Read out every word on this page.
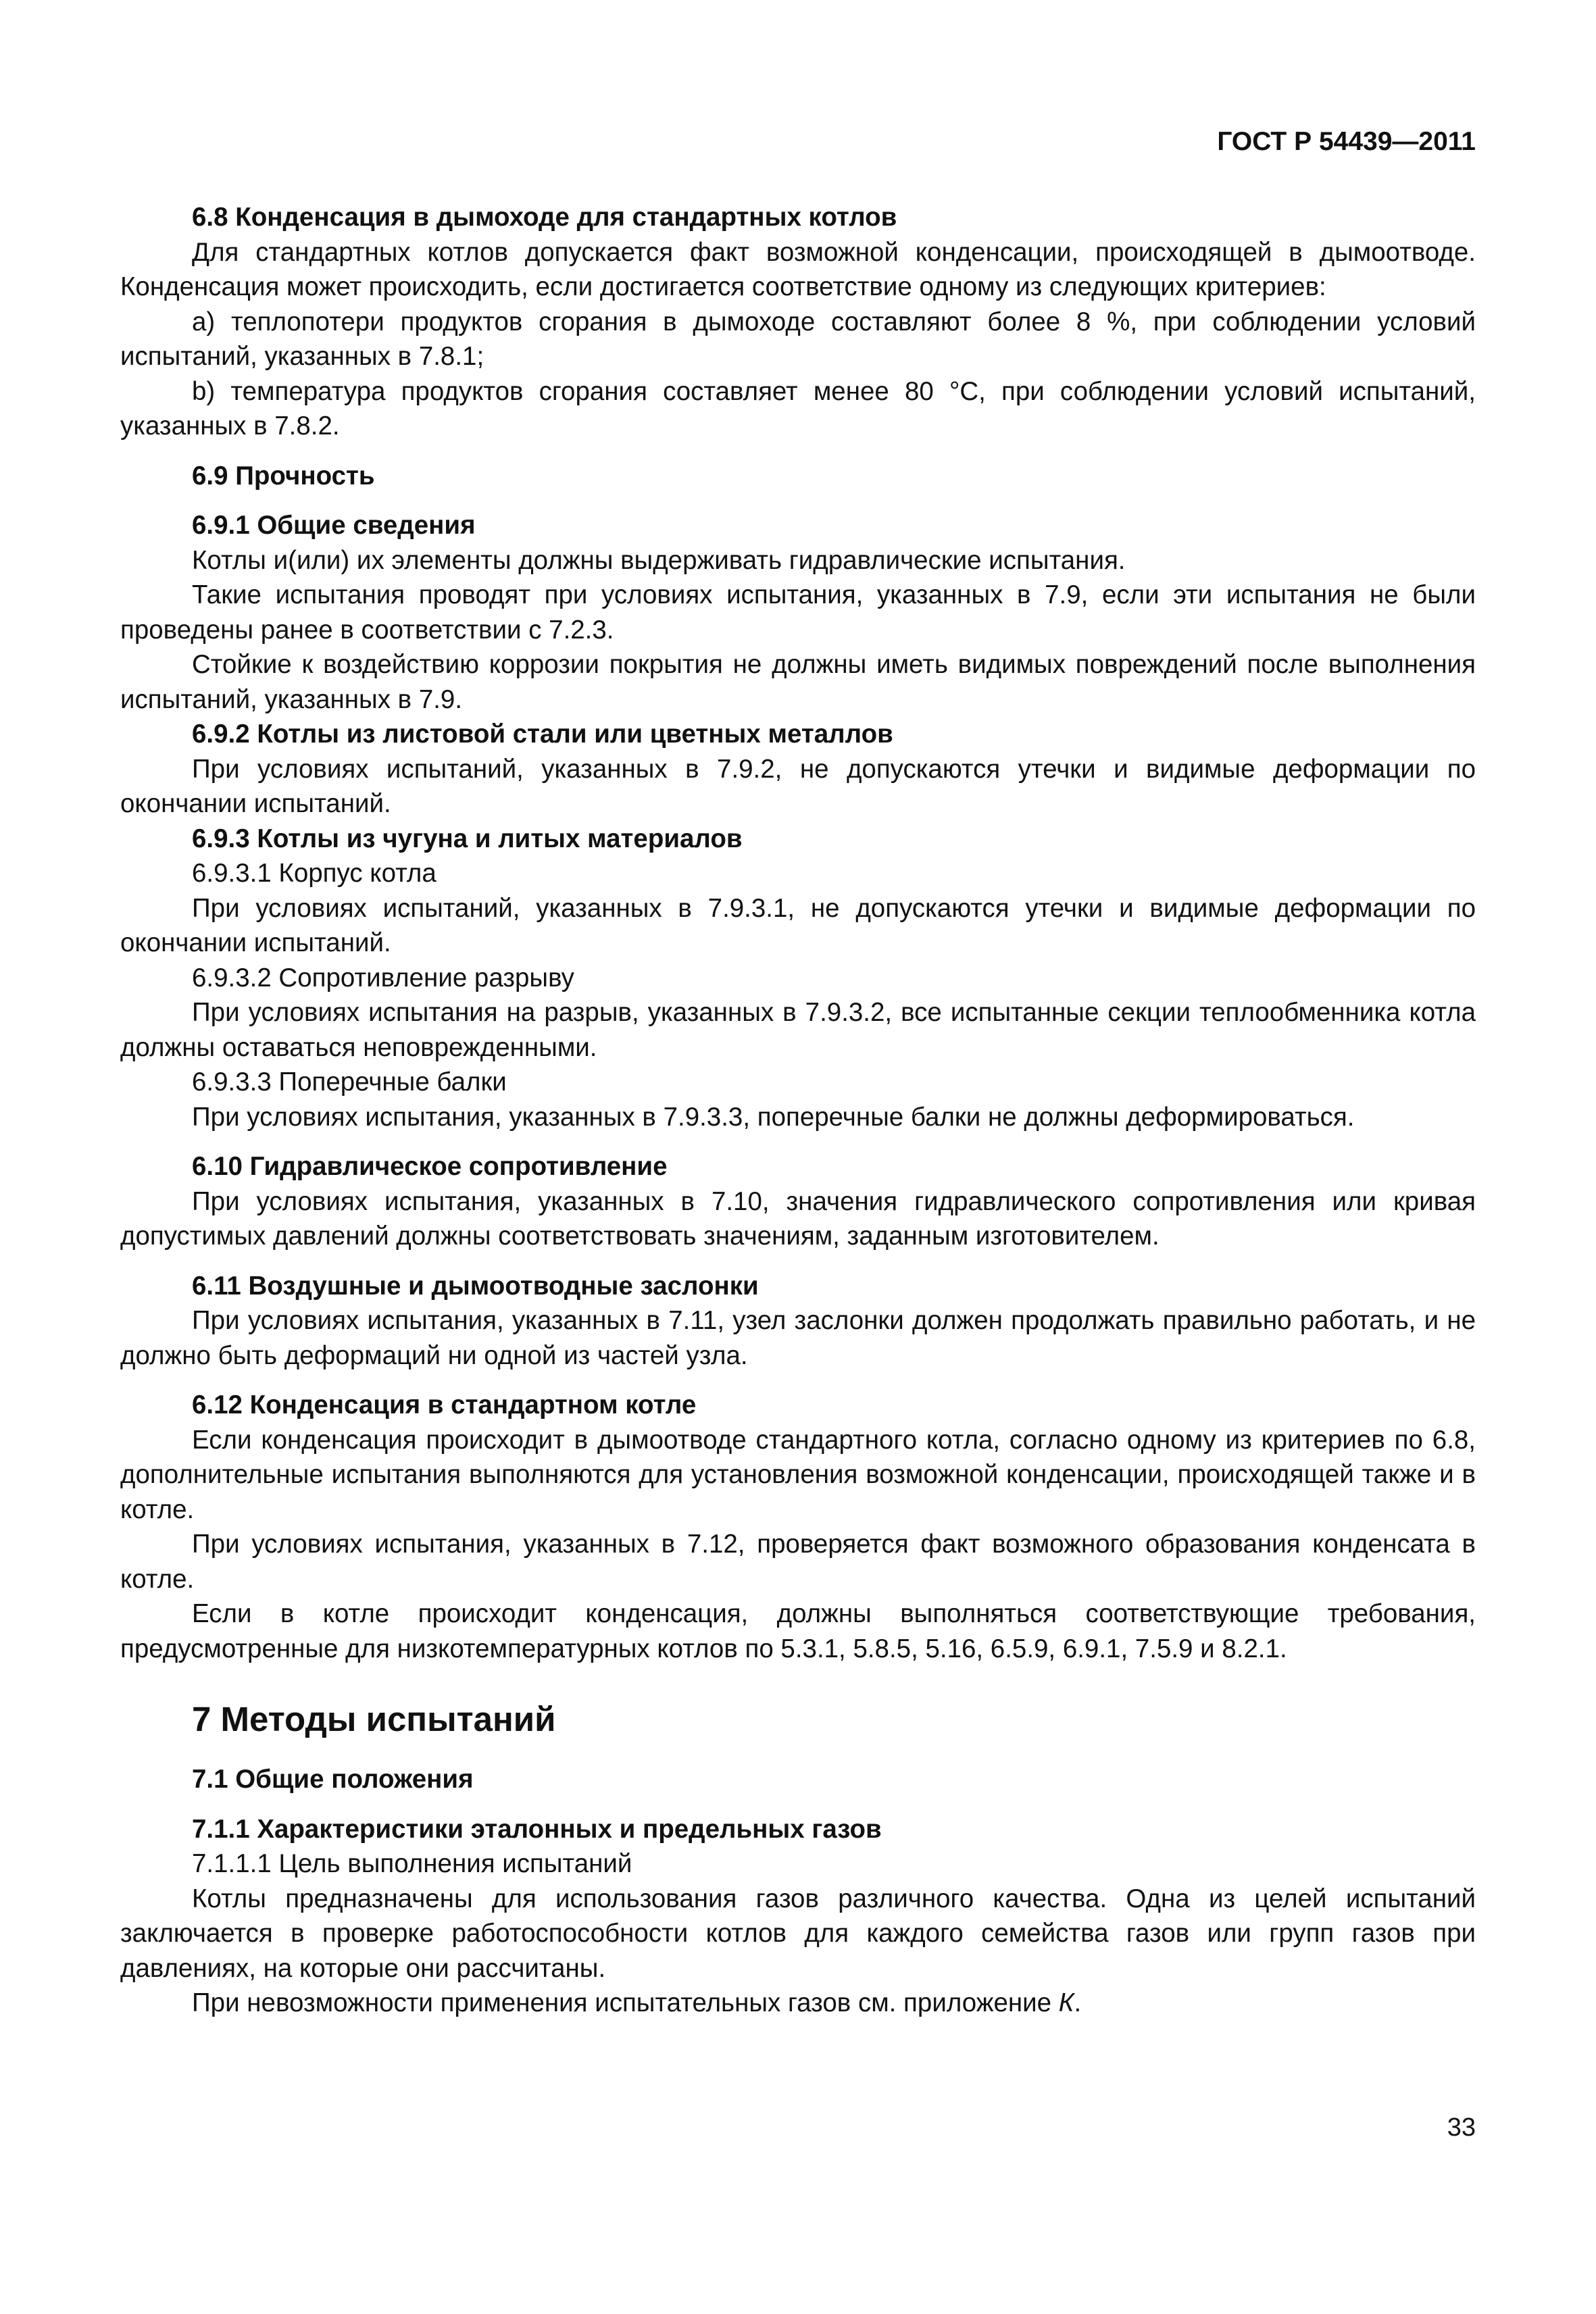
ГОСТ Р 54439—2011
6.8 Конденсация в дымоходе для стандартных котлов

Для стандартных котлов допускается факт возможной конденсации, происходящей в дымоотводе. Конденсация может происходить, если достигается соответствие одному из следующих критериев:

а) теплопотери продуктов сгорания в дымоходе составляют более 8 %, при соблюдении условий испытаний, указанных в 7.8.1;

b) температура продуктов сгорания составляет менее 80 °С, при соблюдении условий испытаний, указанных в 7.8.2.

6.9 Прочность
6.9.1 Общие сведения

Котлы и(или) их элементы должны выдерживать гидравлические испытания.

Такие испытания проводят при условиях испытания, указанных в 7.9, если эти испытания не были проведены ранее в соответствии с 7.2.3.

Стойкие к воздействию коррозии покрытия не должны иметь видимых повреждений после выполнения испытаний, указанных в 7.9.

6.9.2 Котлы из листовой стали или цветных металлов

При условиях испытаний, указанных в 7.9.2, не допускаются утечки и видимые деформации по окончании испытаний.

6.9.3 Котлы из чугуна и литых материалов

6.9.3.1 Корпус котла

При условиях испытаний, указанных в 7.9.3.1, не допускаются утечки и видимые деформации по окончании испытаний.

6.9.3.2 Сопротивление разрыву

При условиях испытания на разрыв, указанных в 7.9.3.2, все испытанные секции теплообменника котла должны оставаться неповрежденными.

6.9.3.3 Поперечные балки

При условиях испытания, указанных в 7.9.3.3, поперечные балки не должны деформироваться.

6.10 Гидравлическое сопротивление

При условиях испытания, указанных в 7.10, значения гидравлического сопротивления или кривая допустимых давлений должны соответствовать значениям, заданным изготовителем.

6.11 Воздушные и дымоотводные заслонки

При условиях испытания, указанных в 7.11, узел заслонки должен продолжать правильно работать, и не должно быть деформаций ни одной из частей узла.

6.12 Конденсация в стандартном котле

Если конденсация происходит в дымоотводе стандартного котла, согласно одному из критериев по 6.8, дополнительные испытания выполняются для установления возможной конденсации, происходящей также и в котле.

При условиях испытания, указанных в 7.12, проверяется факт возможного образования конденсата в котле.

Если в котле происходит конденсация, должны выполняться соответствующие требования, предусмотренные для низкотемпературных котлов по 5.3.1, 5.8.5, 5.16, 6.5.9, 6.9.1, 7.5.9 и 8.2.1.

7 Методы испытаний
7.1 Общие положения
7.1.1 Характеристики эталонных и предельных газов

7.1.1.1 Цель выполнения испытаний

Котлы предназначены для использования газов различного качества. Одна из целей испытаний заключается в проверке работоспособности котлов для каждого семейства газов или групп газов при давлениях, на которые они рассчитаны.

При невозможности применения испытательных газов см. приложение К.

33
